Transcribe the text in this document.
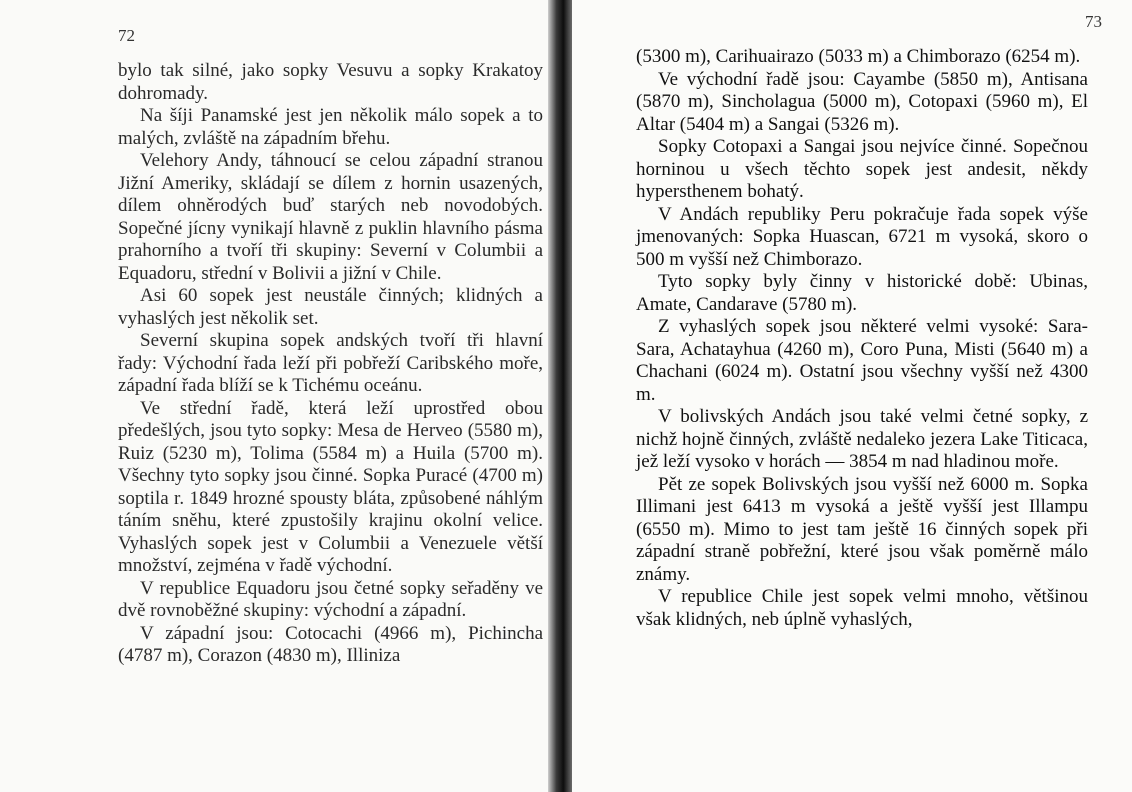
72

bylo tak silné, jako sopky Vesuvu a sopky Krakatoy dohromady.

Na šíji Panamské jest jen několik málo sopek a to malých, zvláště na západním břehu.

Velehory Andy, táhnoucí se celou západní stranou Jižní Ameriky, skládají se dílem z hornin usazených, dílem ohněrodých buď starých neb novodobých. Sopečné jícny vynikají hlavně z puklin hlavního pásma prahorního a tvoří tři skupiny: Severní v Columbii a Equadoru, střední v Bolivii a jižní v Chile.

Asi 60 sopek jest neustále činných; klidných a vyhaslých jest několik set.

Severní skupina sopek andských tvoří tři hlavní řady: Východní řada leží při pobřeží Caribského moře, západní řada blíží se k Tichému oceánu.

Ve střední řadě, která leží uprostřed obou předešlých, jsou tyto sopky: Mesa de Herveo (5580 m), Ruiz (5230 m), Tolima (5584 m) a Huila (5700 m). Všechny tyto sopky jsou činné. Sopka Puracé (4700 m) soptila r. 1849 hrozné spousty bláta, způsobené náhlým táním sněhu, které zpustošily krajinu okolní velice. Vyhaslých sopek jest v Columbii a Venezuele větší množství, zejména v řadě východní.

V republice Equadoru jsou četné sopky seřaděny ve dvě rovnoběžné skupiny: východní a západní.

V západní jsou: Cotocachi (4966 m), Pichincha (4787 m), Corazon (4830 m), Illiniza

73

(5300 m), Carihuairazo (5033 m) a Chimborazo (6254 m).

Ve východní řadě jsou: Cayambe (5850 m), Antisana (5870 m), Sincholagua (5000 m), Cotopaxi (5960 m), El Altar (5404 m) a Sangai (5326 m).

Sopky Cotopaxi a Sangai jsou nejvíce činné. Sopečnou horninou u všech těchto sopek jest andesit, někdy hypersthenem bohatý.

V Andách republiky Peru pokračuje řada sopek výše jmenovaných: Sopka Huascan, 6721 m vysoká, skoro o 500 m vyšší než Chimborazo.

Tyto sopky byly činny v historické době: Ubinas, Amate, Candarave (5780 m).

Z vyhaslých sopek jsou některé velmi vysoké: Sara-Sara, Achatayhua (4260 m), Coro Puna, Misti (5640 m) a Chachani (6024 m). Ostatní jsou všechny vyšší než 4300 m.

V bolivských Andách jsou také velmi četné sopky, z nichž hojně činných, zvláště nedaleko jezera Lake Titicaca, jež leží vysoko v horách — 3854 m nad hladinou moře.

Pět ze sopek Bolivských jsou vyšší než 6000 m. Sopka Illimani jest 6413 m vysoká a ještě vyšší jest Illampu (6550 m). Mimo to jest tam ještě 16 činných sopek při západní straně pobřežní, které jsou však poměrně málo známy.

V republice Chile jest sopek velmi mnoho, většinou však klidných, neb úplně vyhaslých,
